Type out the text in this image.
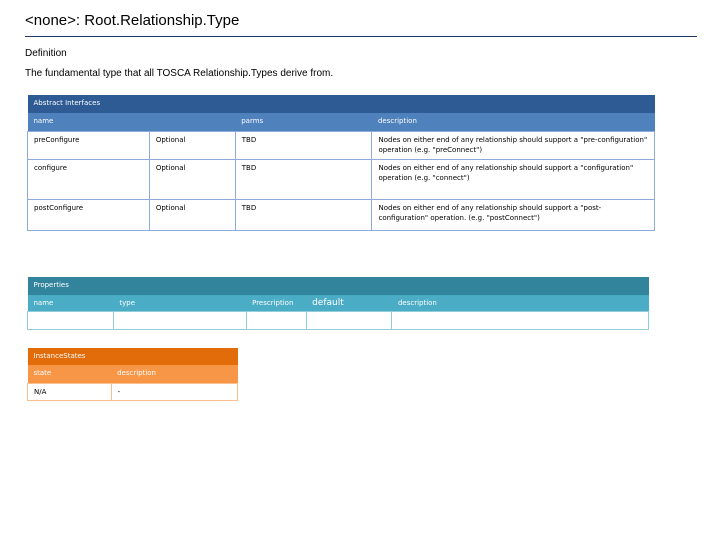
<none>: Root.Relationship.Type
Definition
The fundamental type that all TOSCA Relationship.Types derive from.
Abstract Interfaces			
name		parms	description
preConfigure	Optional	TBD	Nodes on either end of any relationship should support a "pre-configuration" operation (e.g. "preConnect")
configure	Optional	TBD	Nodes on either end of any relationship should support a "configuration" operation (e.g. "connect")
postConfigure	Optional	TBD	Nodes on either end of any relationship should support a "post-configuration" operation. (e.g. "postConnect")
Properties				
name	type	Prescription	default	description

InstanceStates	
state	description
N/A	-
